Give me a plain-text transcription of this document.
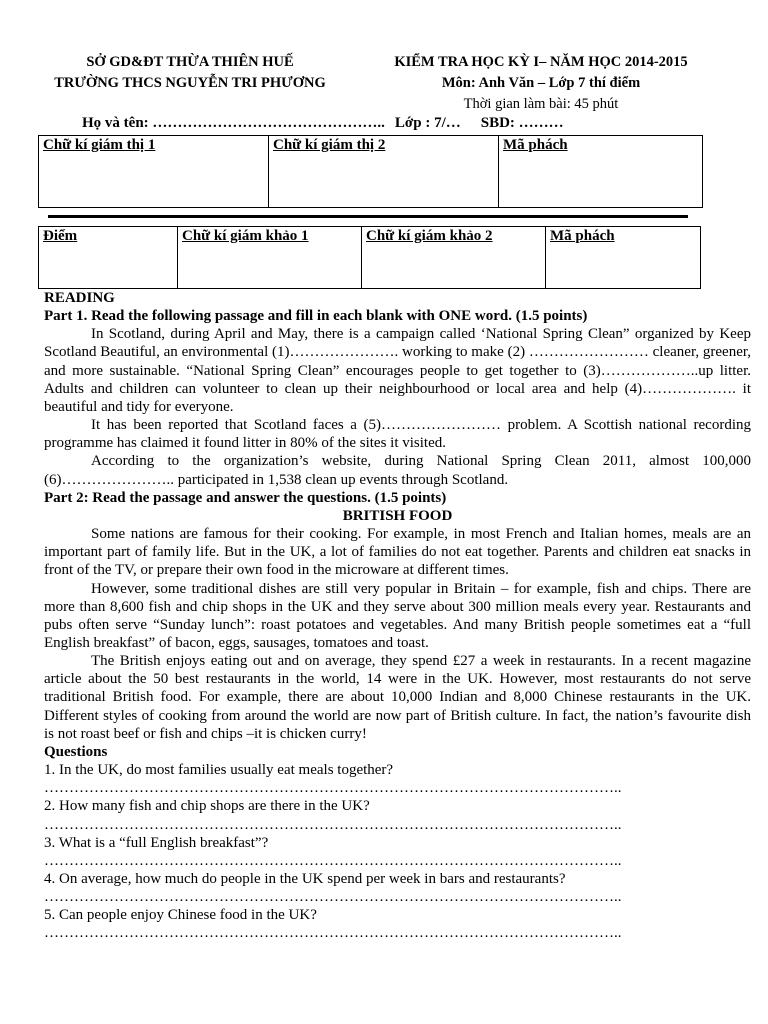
SỞ GD&ĐT THỪA THIÊN HUẾ
TRƯỜNG THCS NGUYỄN TRI PHƯƠNG
KIỂM TRA HỌC KỲ I– NĂM HỌC 2014-2015
Môn: Anh Văn – Lớp 7 thí điểm
Thời gian làm bài: 45 phút
Họ và tên: ……………………………………….. Lớp : 7/… SBD: ………
Chữ kí giám thị 1	Chữ kí giám thị 2	Mã phách
Điểm	Chữ kí giám khảo 1	Chữ kí giám khảo 2	Mã phách

READING

Part 1. Read the following passage and fill in each blank with ONE word. (1.5 points)

In Scotland, during April and May, there is a campaign called ‘National Spring Clean” organized by Keep Scotland Beautiful, an environmental (1)…………………. working to make (2) …………………… cleaner, greener, and more sustainable. “National Spring Clean” encourages people to get together to (3)………………..up litter. Adults and children can volunteer to clean up their neighbourhood or local area and help (4)………………. it beautiful and tidy for everyone.

It has been reported that Scotland faces a (5)…………………… problem. A Scottish national recording programme has claimed it found litter in 80% of the sites it visited.

According to the organization’s website, during National Spring Clean 2011, almost 100,000 (6)………………….. participated in 1,538 clean up events through Scotland.

Part 2: Read the passage and answer the questions. (1.5 points)

BRITISH FOOD

Some nations are famous for their cooking. For example, in most French and Italian homes, meals are an important part of family life. But in the UK, a lot of families do not eat together. Parents and children eat snacks in front of the TV, or prepare their own food in the microware at different times.

However, some traditional dishes are still very popular in Britain – for example, fish and chips. There are more than 8,600 fish and chip shops in the UK and they serve about 300 million meals every year. Restaurants and pubs often serve “Sunday lunch”: roast potatoes and vegetables. And many British people sometimes eat a “full English breakfast” of bacon, eggs, sausages, tomatoes and toast.

The British enjoys eating out and on average, they spend £27 a week in restaurants. In a recent magazine article about the 50 best restaurants in the world, 14 were in the UK. However, most restaurants do not serve traditional British food. For example, there are about 10,000 Indian and 8,000 Chinese restaurants in the UK. Different styles of cooking from around the world are now part of British culture. In fact, the nation’s favourite dish is not roast beef or fish and chips –it is chicken curry!

Questions

1. In the UK, do most families usually eat meals together?

……………………………………………………………………………………………………..

2. How many fish and chip shops are there in the UK?

……………………………………………………………………………………………………..

3. What is a “full English breakfast”?

……………………………………………………………………………………………………..

4. On average, how much do people in the UK spend per week in bars and restaurants?

……………………………………………………………………………………………………..

5. Can people enjoy Chinese food in the UK?

……………………………………………………………………………………………………..
